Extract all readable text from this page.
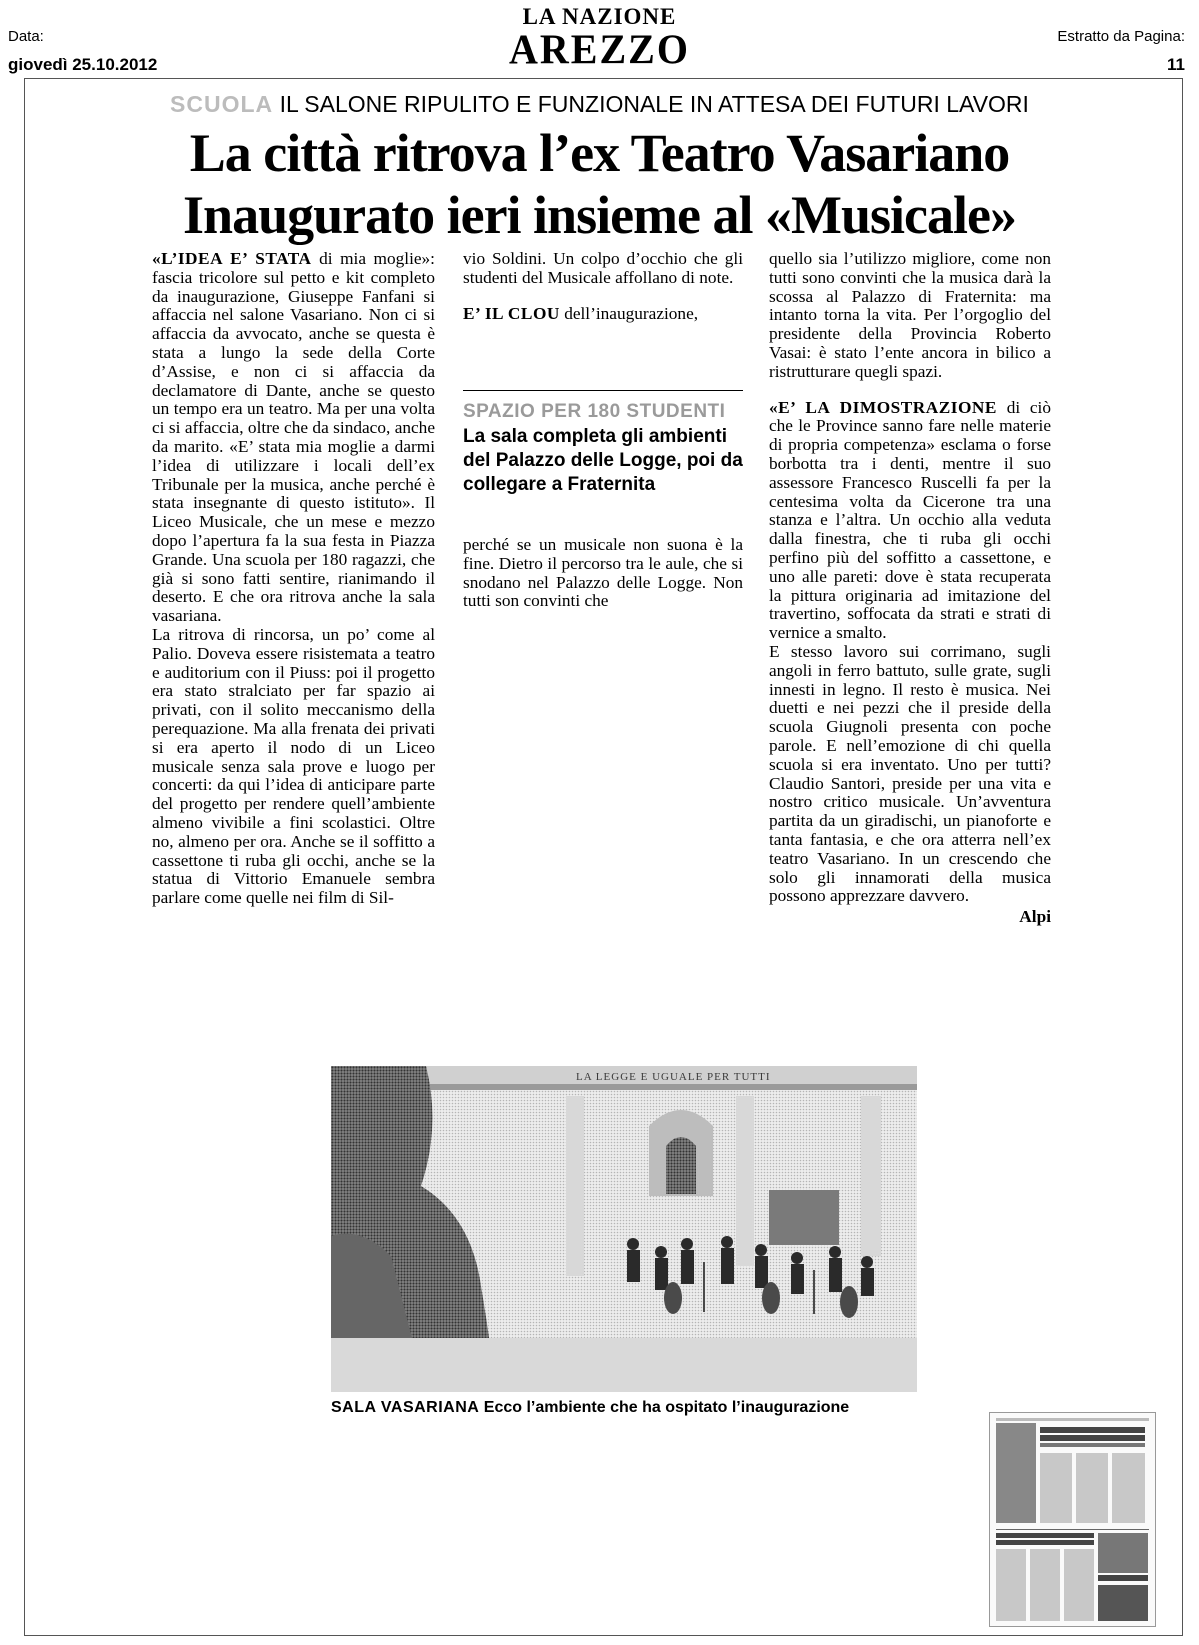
Data:
giovedì 25.10.2012
LA NAZIONE
AREZZO	Estratto da Pagina:
11
SCUOLA IL SALONE RIPULITO E FUNZIONALE IN ATTESA DEI FUTURI LAVORI
La città ritrova l’ex Teatro Vasariano
Inaugurato ieri insieme al «Musicale»

«L’IDEA E’ STATA di mia moglie»: fascia tricolore sul petto e kit completo da inaugurazione, Giuseppe Fanfani si affaccia nel salone Vasariano. Non ci si affaccia da avvocato, anche se questa è stata a lungo la sede della Corte d’Assise, e non ci si affaccia da declamatore di Dante, anche se questo un tempo era un teatro. Ma per una volta ci si affaccia, oltre che da sindaco, anche da marito. «E’ stata mia moglie a darmi l’idea di utilizzare i locali dell’ex Tribunale per la musica, anche perché è stata insegnante di questo istituto». Il Liceo Musicale, che un mese e mezzo dopo l’apertura fa la sua festa in Piazza Grande. Una scuola per 180 ragazzi, che già si sono fatti sentire, rianimando il deserto. E che ora ritrova anche la sala vasariana.

La ritrova di rincorsa, un po’ come al Palio. Doveva essere risistemata a teatro e auditorium con il Piuss: poi il progetto era stato stralciato per far spazio ai privati, con il solito meccanismo della perequazione. Ma alla frenata dei privati si era aperto il nodo di un Liceo musicale senza sala prove e luogo per concerti: da qui l’idea di anticipare parte del progetto per rendere quell’ambiente almeno vivibile a fini scolastici. Oltre no, almeno per ora. Anche se il soffitto a cassettone ti ruba gli occhi, anche se la statua di Vittorio Emanuele sembra parlare come quelle nei film di Sil-

vio Soldini. Un colpo d’occhio che gli studenti del Musicale affollano di note.

E’ IL CLOU dell’inaugurazione,

SPAZIO PER 180 STUDENTI
La sala completa gli ambienti del Palazzo delle Logge, poi da collegare a Fraternita

perché se un musicale non suona è la fine. Dietro il percorso tra le aule, che si snodano nel Palazzo delle Logge. Non tutti son convinti che

quello sia l’utilizzo migliore, come non tutti sono convinti che la musica darà la scossa al Palazzo di Fraternita: ma intanto torna la vita. Per l’orgoglio del presidente della Provincia Roberto Vasai: è stato l’ente ancora in bilico a ristrutturare quegli spazi.

«E’ LA DIMOSTRAZIONE di ciò che le Province sanno fare nelle materie di propria competenza» esclama o forse borbotta tra i denti, mentre il suo assessore Francesco Ruscelli fa per la centesima volta da Cicerone tra una stanza e l’altra. Un occhio alla veduta dalla finestra, che ti ruba gli occhi perfino più del soffitto a cassettone, e uno alle pareti: dove è stata recuperata la pittura originaria ad imitazione del travertino, soffocata da strati e strati di vernice a smalto.

E stesso lavoro sui corrimano, sugli angoli in ferro battuto, sulle grate, sugli innesti in legno. Il resto è musica. Nei duetti e nei pezzi che il preside della scuola Giugnoli presenta con poche parole. E nell’emozione di chi quella scuola si era inventato. Uno per tutti? Claudio Santori, preside per una vita e nostro critico musicale. Un’avventura partita da un giradischi, un pianoforte e tanta fantasia, e che ora atterra nell’ex teatro Vasariano. In un crescendo che solo gli innamorati della musica possono apprezzare davvero.

Alpi
LA LEGGE E UGUALE PER TUTTI
SALA VASARIANA Ecco l’ambiente che ha ospitato l’inaugurazione
